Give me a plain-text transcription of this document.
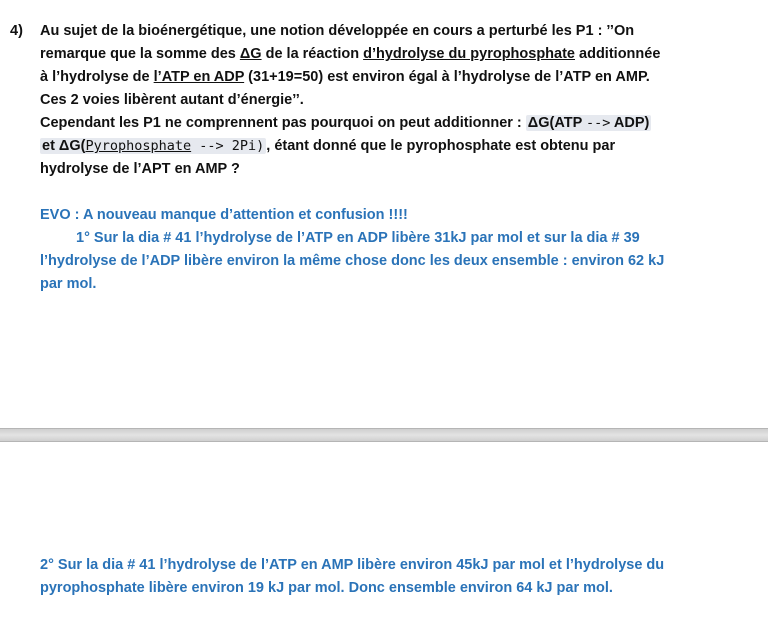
4) Au sujet de la bioénergétique, une notion développée en cours a perturbé les P1 : ’’On
remarque que la somme des ΔG de la réaction d’hydrolyse du pyrophosphate additionnée
à l’hydrolyse de l’ATP en ADP (31+19=50) est environ égal à l’hydrolyse de l’ATP en AMP.
Ces 2 voies libèrent autant d’énergie’’.
Cependant les P1 ne comprennent pas pourquoi on peut additionner : ΔG(ATP --> ADP)
et ΔG(Pyrophosphate --> 2Pi) , étant donné que le pyrophosphate est obtenu par
hydrolyse de l’APT en AMP ?
EVO : A nouveau manque d’attention et confusion !!!!
1° Sur la dia # 41 l’hydrolyse de l’ATP en ADP libère 31kJ par mol et sur la dia # 39
l’hydrolyse de l’ADP libère environ la même chose donc les deux ensemble : environ 62 kJ
par mol.
2° Sur la dia # 41 l’hydrolyse de l’ATP en AMP libère environ 45kJ par mol et l’hydrolyse du
pyrophosphate libère environ 19 kJ par mol. Donc ensemble environ 64 kJ par mol.
